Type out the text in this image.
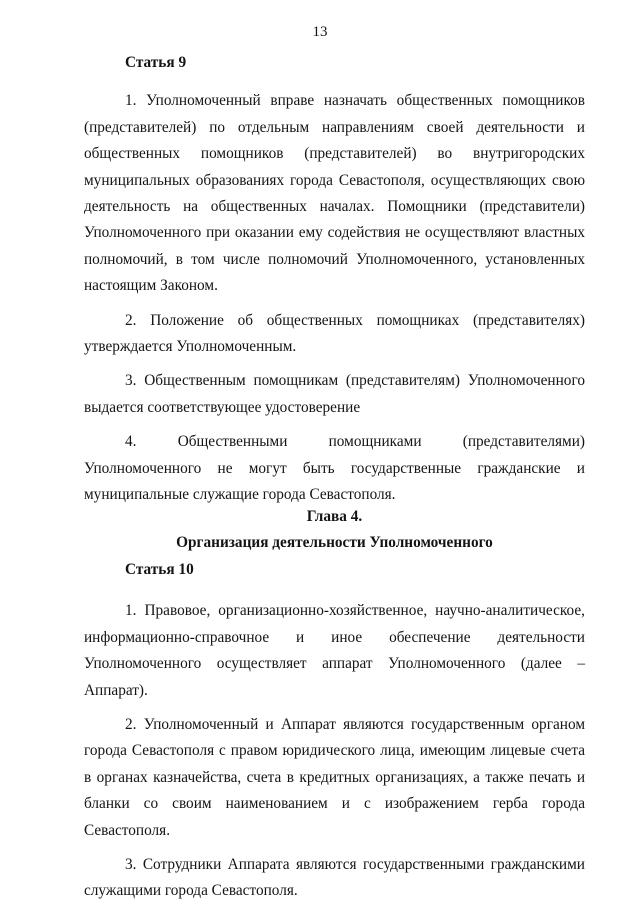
13
Статья 9

1. Уполномоченный вправе назначать общественных помощников (представителей) по отдельным направлениям своей деятельности и общественных помощников (представителей) во внутригородских муниципальных образованиях города Севастополя, осуществляющих свою деятельность на общественных началах. Помощники (представители) Уполномоченного при оказании ему содействия не осуществляют властных полномочий, в том числе полномочий Уполномоченного, установленных настоящим Законом.

2. Положение об общественных помощниках (представителях) утверждается Уполномоченным.

3. Общественным помощникам (представителям) Уполномоченного выдается соответствующее удостоверение

4. Общественными помощниками (представителями) Уполномоченного не могут быть государственные гражданские и муниципальные служащие города Севастополя.

Глава 4.
Организация деятельности Уполномоченного
Статья 10

1. Правовое, организационно-хозяйственное, научно-аналитическое, информационно-справочное и иное обеспечение деятельности Уполномоченного осуществляет аппарат Уполномоченного (далее – Аппарат).

2. Уполномоченный и Аппарат являются государственным органом города Севастополя с правом юридического лица, имеющим лицевые счета в органах казначейства, счета в кредитных организациях, а также печать и бланки со своим наименованием и с изображением герба города Севастополя.

3. Сотрудники Аппарата являются государственными гражданскими служащими города Севастополя.
